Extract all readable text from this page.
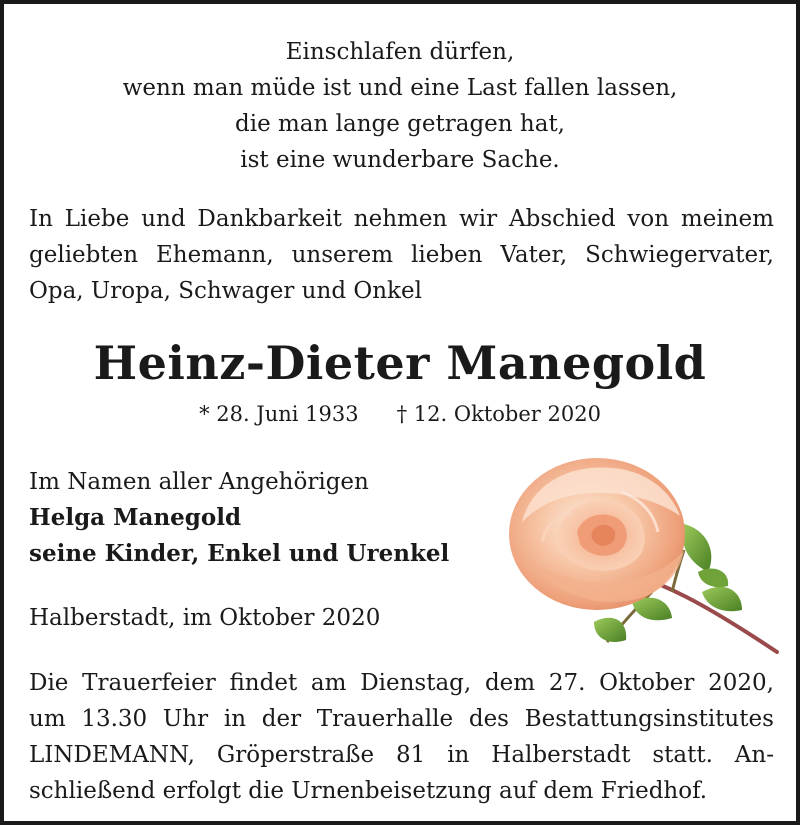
Einschlafen dürfen,
wenn man müde ist und eine Last fallen lassen,
die man lange getragen hat,
ist eine wunderbare Sache.
In Liebe und Dankbarkeit nehmen wir Abschied von meinem
geliebten Ehemann, unserem lieben Vater, Schwiegervater,
Opa, Uropa, Schwager und Onkel
Heinz-Dieter Manegold
* 28. Juni 1933 † 12. Oktober 2020
Im Namen aller Angehörigen
Helga Manegold
seine Kinder, Enkel und Urenkel
Halberstadt, im Oktober 2020
Die Trauerfeier findet am Dienstag, dem 27. Oktober 2020,
um 13.30 Uhr in der Trauerhalle des Bestattungsinstitutes
LINDEMANN, Gröperstraße 81 in Halberstadt statt. An-
schließend erfolgt die Urnenbeisetzung auf dem Friedhof.
